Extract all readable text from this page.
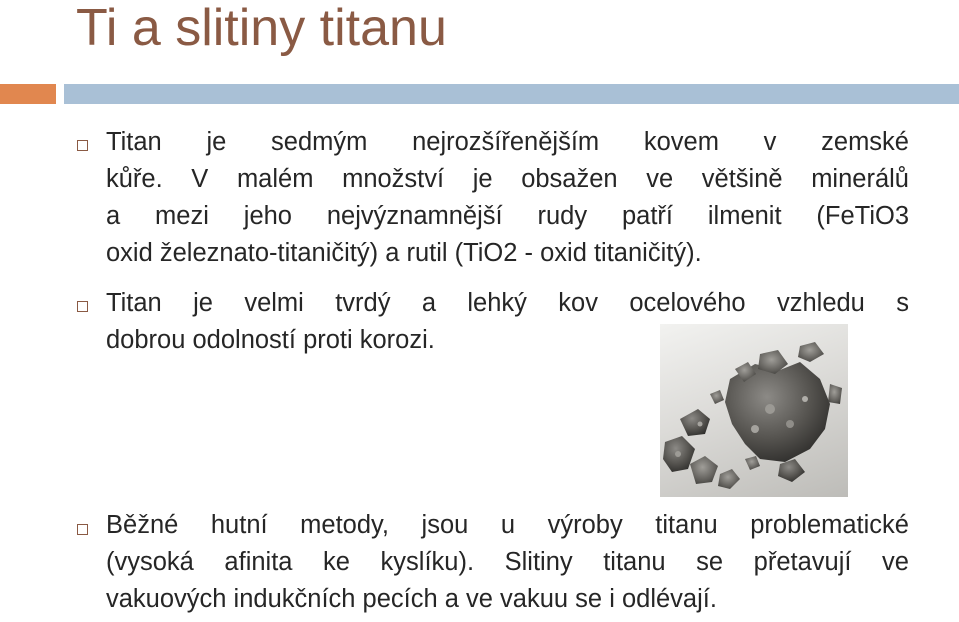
Ti a slitiny titanu
Titan je sedmým nejrozšířenějším kovem v zemské
kůře. V malém množství je obsažen ve většině minerálů
a mezi jeho nejvýznamnější rudy patří ilmenit (FeTiO3
oxid železnato-titaničitý) a rutil (TiO2 - oxid titaničitý).
Titan je velmi tvrdý a lehký kov ocelového vzhledu s
dobrou odolností proti korozi.
Běžné hutní metody, jsou u výroby titanu problematické
(vysoká afinita ke kyslíku). Slitiny titanu se přetavují ve
vakuových indukčních pecích a ve vakuu se i odlévají.
